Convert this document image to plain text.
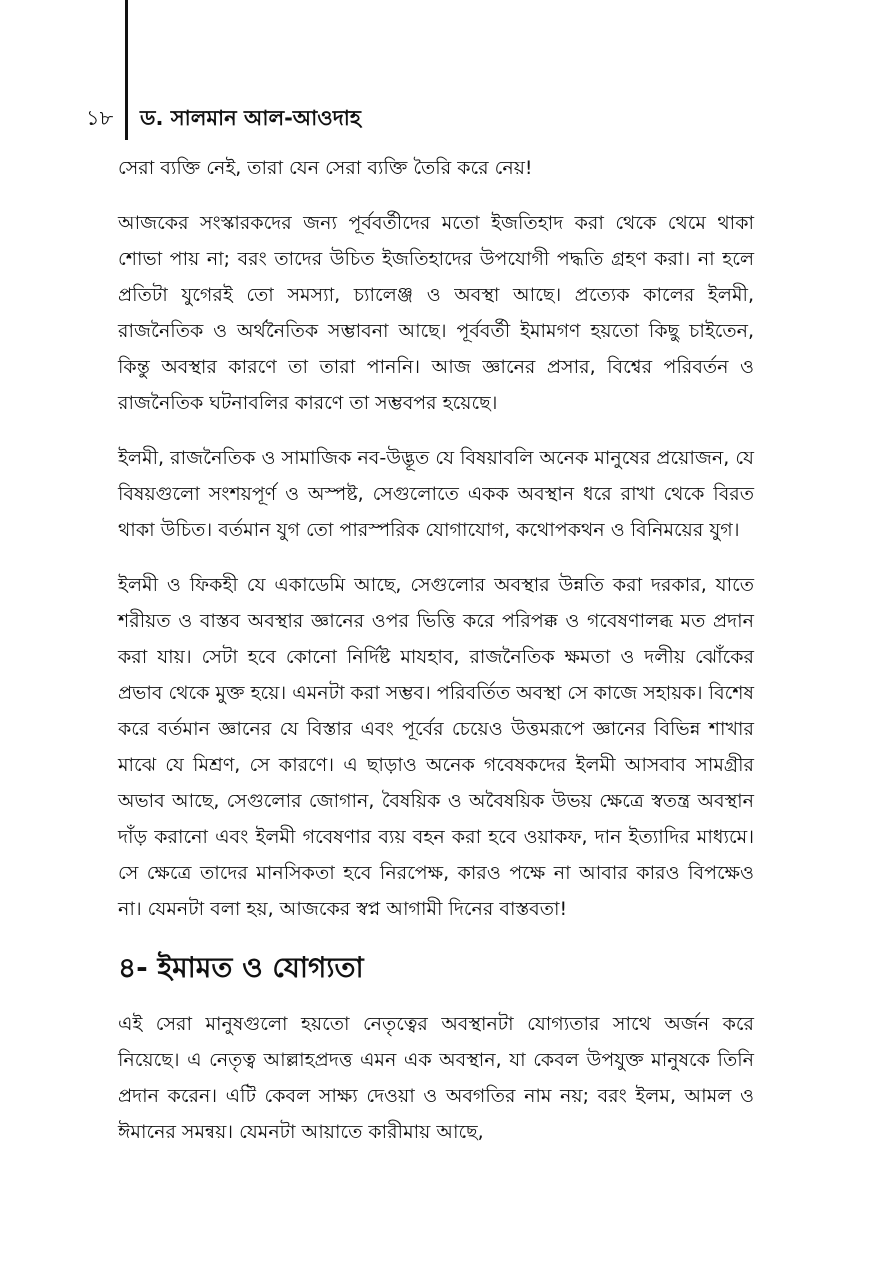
১৮ ড. সালমান আল-আওদাহ

সেরা ব্যক্তি নেই, তারা যেন সেরা ব্যক্তি তৈরি করে নেয়!

আজকের সংস্কারকদের জন্য পূর্ববর্তীদের মতো ইজতিহাদ করা থেকে থেমে থাকা শোভা পায় না; বরং তাদের উচিত ইজতিহাদের উপযোগী পদ্ধতি গ্রহণ করা। না হলে প্রতিটা যুগেরই তো সমস্যা, চ্যালেঞ্জ ও অবস্থা আছে। প্রত্যেক কালের ইলমী, রাজনৈতিক ও অর্থনৈতিক সম্ভাবনা আছে। পূর্ববর্তী ইমামগণ হয়তো কিছু চাইতেন, কিন্তু অবস্থার কারণে তা তারা পাননি। আজ জ্ঞানের প্রসার, বিশ্বের পরিবর্তন ও রাজনৈতিক ঘটনাবলির কারণে তা সম্ভবপর হয়েছে।

ইলমী, রাজনৈতিক ও সামাজিক নব-উদ্ভূত যে বিষয়াবলি অনেক মানুষের প্রয়োজন, যে বিষয়গুলো সংশয়পূর্ণ ও অস্পষ্ট, সেগুলোতে একক অবস্থান ধরে রাখা থেকে বিরত থাকা উচিত। বর্তমান যুগ তো পারস্পরিক যোগাযোগ, কথোপকথন ও বিনিময়ের যুগ।

ইলমী ও ফিকহী যে একাডেমি আছে, সেগুলোর অবস্থার উন্নতি করা দরকার, যাতে শরীয়ত ও বাস্তব অবস্থার জ্ঞানের ওপর ভিত্তি করে পরিপক্ক ও গবেষণালব্ধ মত প্রদান করা যায়। সেটা হবে কোনো নির্দিষ্ট মাযহাব, রাজনৈতিক ক্ষমতা ও দলীয় ঝোঁকের প্রভাব থেকে মুক্ত হয়ে। এমনটা করা সম্ভব। পরিবর্তিত অবস্থা সে কাজে সহায়ক। বিশেষ করে বর্তমান জ্ঞানের যে বিস্তার এবং পূর্বের চেয়েও উত্তমরূপে জ্ঞানের বিভিন্ন শাখার মাঝে যে মিশ্রণ, সে কারণে। এ ছাড়াও অনেক গবেষকদের ইলমী আসবাব সামগ্রীর অভাব আছে, সেগুলোর জোগান, বৈষয়িক ও অবৈষয়িক উভয় ক্ষেত্রে স্বতন্ত্র অবস্থান দাঁড় করানো এবং ইলমী গবেষণার ব্যয় বহন করা হবে ওয়াকফ, দান ইত্যাদির মাধ্যমে। সে ক্ষেত্রে তাদের মানসিকতা হবে নিরপেক্ষ, কারও পক্ষে না আবার কারও বিপক্ষেও না। যেমনটা বলা হয়, আজকের স্বপ্ন আগামী দিনের বাস্তবতা!

৪- ইমামত ও যোগ্যতা

এই সেরা মানুষগুলো হয়তো নেতৃত্বের অবস্থানটা যোগ্যতার সাথে অর্জন করে নিয়েছে। এ নেতৃত্ব আল্লাহপ্রদত্ত এমন এক অবস্থান, যা কেবল উপযুক্ত মানুষকে তিনি প্রদান করেন। এটি কেবল সাক্ষ্য দেওয়া ও অবগতির নাম নয়; বরং ইলম, আমল ও ঈমানের সমন্বয়। যেমনটা আয়াতে কারীমায় আছে,
